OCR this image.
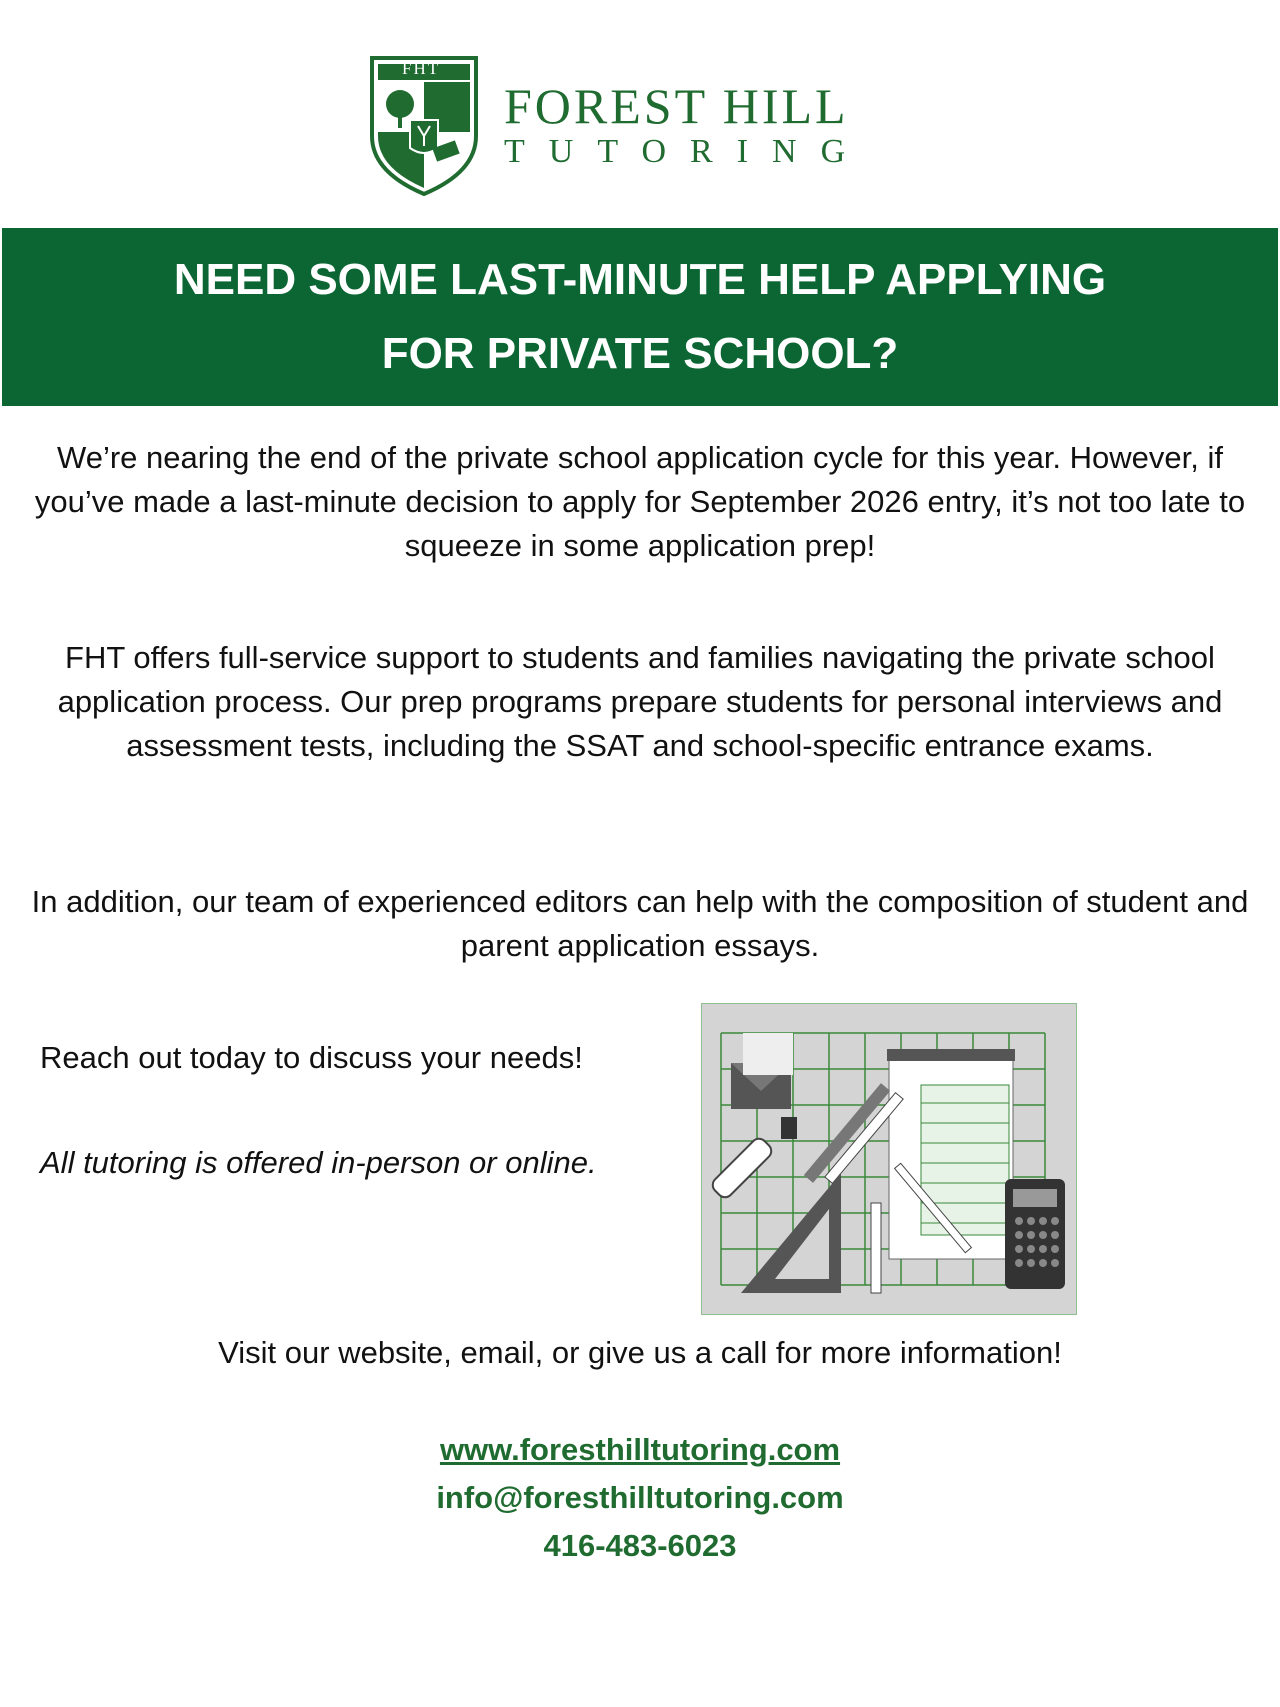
FHT
FOREST HILL
TUTORING
NEED SOME LAST-MINUTE HELP APPLYING
FOR PRIVATE SCHOOL?

We’re nearing the end of the private school application cycle for this year. However, if you’ve made a last-minute decision to apply for September 2026 entry, it’s not too late to squeeze in some application prep!

FHT offers full-service support to students and families navigating the private school application process. Our prep programs prepare students for personal interviews and assessment tests, including the SSAT and school-specific entrance exams.

In addition, our team of experienced editors can help with the composition of student and parent application essays.

Reach out today to discuss your needs!
All tutoring is offered in-person or online.
Visit our website, email, or give us a call for more information!
www.foresthilltutoring.com
info@foresthilltutoring.com
416-483-6023
